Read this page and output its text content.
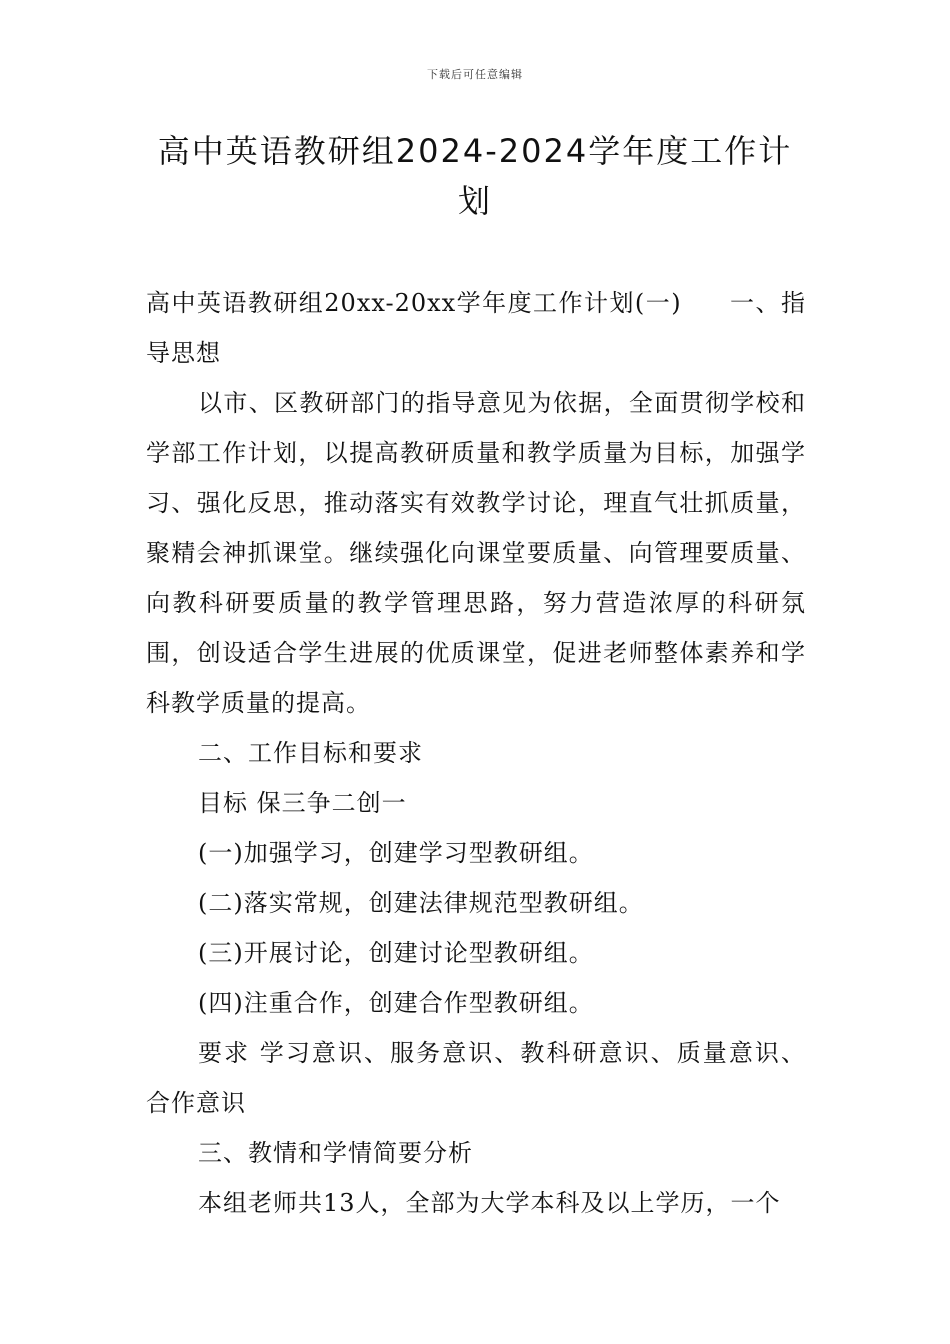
下载后可任意编辑
高中英语教研组2024-2024学年度工作计划

高中英语教研组20xx-20xx学年度工作计划(一) 一、指导思想

以市、区教研部门的指导意见为依据，全面贯彻学校和学部工作计划，以提高教研质量和教学质量为目标，加强学习、强化反思，推动落实有效教学讨论，理直气壮抓质量，聚精会神抓课堂。继续强化向课堂要质量、向管理要质量、向教科研要质量的教学管理思路，努力营造浓厚的科研氛围，创设适合学生进展的优质课堂，促进老师整体素养和学科教学质量的提高。

二、工作目标和要求

目标 保三争二创一

(一)加强学习，创建学习型教研组。

(二)落实常规，创建法律规范型教研组。

(三)开展讨论，创建讨论型教研组。

(四)注重合作，创建合作型教研组。

要求 学习意识、服务意识、教科研意识、质量意识、合作意识

三、教情和学情简要分析

本组老师共13人，全部为大学本科及以上学历，一个
